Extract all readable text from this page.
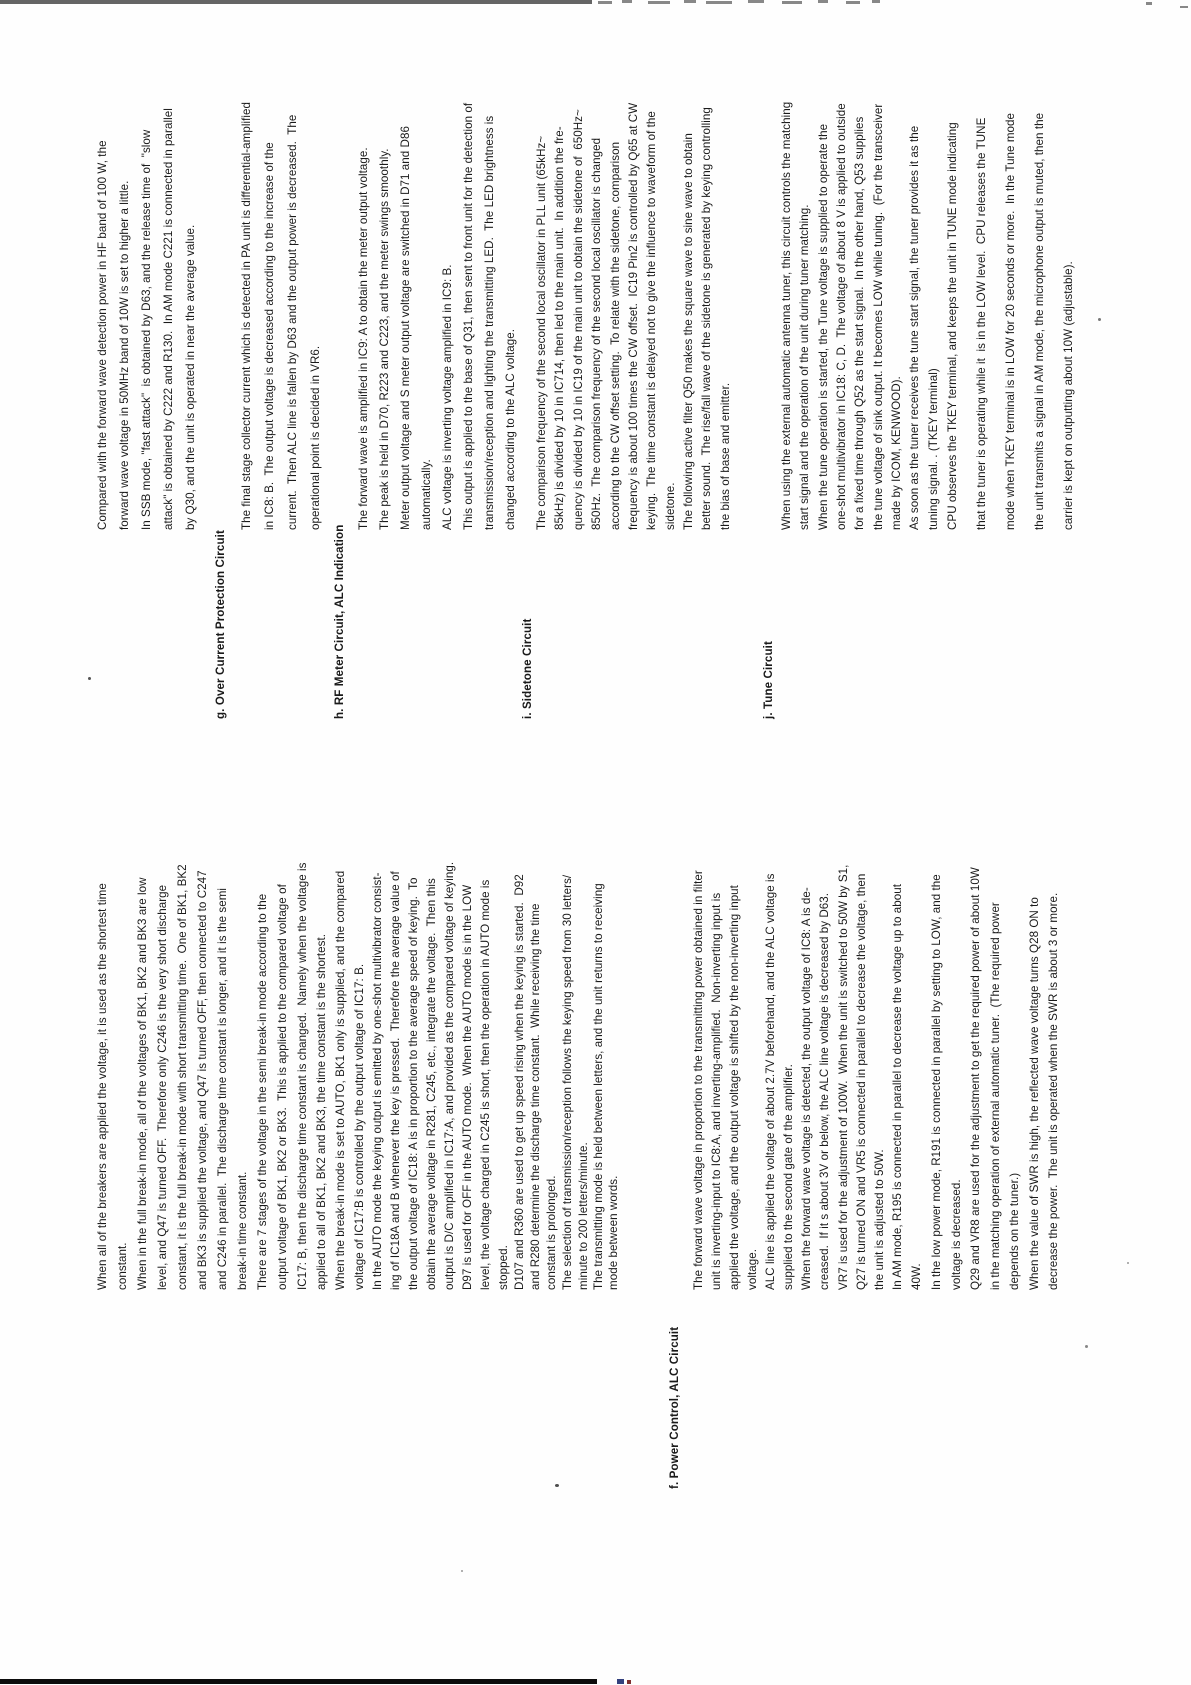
Compared with the forward wave detection power in HF band of 100 W, the forward wave voltage in 50MHz band of 10W is set to higher a little. In SSB mode, "fast attack"  is obtained by D63, and the release time of  "slow attack" is obtained by C222 and R130.  In AM mode C221 is connected in parallel by Q30, and the unit is operated in near the average value.
g. Over Current Protection Circuit
The final stage collector current which is detected in PA unit is differential-amplified in IC8: B.  The output voltage is decreased according to the increase of the current.  Then ALC line is fallen by D63 and the output power is decreased.  The operational point is decided in VR6.
h. RF Meter Circuit, ALC Indication
The forward wave is amplified in IC9: A to obtain the meter output voltage. The peak is held in D70, R223 and C223, and the meter swings smoothly. Meter output voltage and S meter output voltage are switched in D71 and D86 automatically. ALC voltage is inverting voltage amplified in IC9: B. This output is applied to the base of Q31, then sent to front unit for the detection of transmission/reception and lighting the transmitting LED.  The LED brightness is changed according to the ALC voltage.
i. Sidetone Circuit
The comparison frequency of the second local oscillator in PLL unit (65kHz~ 85kHz) is divided by 10 in IC714, then led to the main unit.  In addition the fre- quency is divided by 10 in IC19 of the main unit to obtain the sidetone of  650Hz~ 850Hz.  The comparison frequency of the second local oscillator is changed according to the CW offset setting.  To relate with the sidetone, comparison frequency is about 100 times the CW offset.  IC19 Pin2 is controlled by Q65 at CW keying.  The time constant is delayed not to give the influence to waveform of the sidetone. The following active filter Q50 makes the square wave to sine wave to obtain better sound.  The rise/fall wave of the sidetone is generated by keying controlling the bias of base and emitter.
j. Tune Circuit
When using the external automatic antenna tuner, this circuit controls the matching start signal and the operation of the unit during tuner matching. When the tune operation is started, the Tune voltage is supplied to operate the one-shot multivibrator in IC18: C, D.  The voltage of about 8 V is applied to outside for a fixed time through Q52 as the start signal.  In the other hand, Q53 supplies the tune voltage of sink output. It becomes LOW while tuning.  (For the transceiver made by ICOM, KENWOOD). As soon as the tuner receives the tune start signal, the tuner provides it as the tuning signal. . (TKEY terminal) CPU observes the TKEY terminal, and keeps the unit in TUNE mode indicating that the tuner is operating while it  is in the LOW level.  CPU releases the TUNE mode when TKEY terminal is in LOW for 20 seconds or more.  In the Tune mode the unit transmits a signal in AM mode, the microphone output is muted, then the carrier is kept on outputting about 10W (adjustable).
When all of the breakers are applied the voltage, it is used as the shortest time constant. When in the full break-in mode, all of the voltages of BK1, BK2 and BK3 are low level, and Q47 is turned OFF.  Therefore only C246 is the very short discharge constant, it is the full break-in mode with short transmitting time.  One of BK1, BK2 and BK3 is supplied the voltage, and Q47 is turned OFF, then connected to C247 and C246 in parallel.  The discharge time constant is longer, and it is the semi break-in time constant. There are 7 stages of the voltage in the semi break-in mode according to the output voltage of BK1, BK2 or BK3.  This is applied to the compared voltage of IC17: B, then the discharge time constant is changed.  Namely when the voltage is applied to all of BK1, BK2 and BK3, the time constant is the shortest. When the break-in mode is set to AUTO, BK1 only is supplied, and the compared voltage of IC17:B is controlled by the output voltage of IC17: B. In the AUTO mode the keying output is emitted by one-shot multivibrator consist- ing of IC18A and B whenever the key is pressed.  Therefore the average value of the output voltage of IC18: A is in proportion to the average speed of keying.  To obtain the average voltage in R281, C245, etc., integrate the voltage.  Then this output is D/C amplified in IC17:A, and provided as the compared voltage of keying. D97 is used for OFF in the AUTO mode.  When the AUTO mode is in the LOW level, the voltage charged in C245 is short, then the operation in AUTO mode is stopped. D107 and R360 are used to get up speed rising when the keying is started.  D92 and R280 determine the discharge time constant.  While receiving the time constant is prolonged. The selection of transmission/reception follows the keying speed from 30 letters/ minute to 200 letters/minute. The transmitting mode is held between letters, and the unit returns to receiving mode between words.
f. Power Control, ALC Circuit
The forward wave voltage in proportion to the transmitting power obtained in filter unit is inverting-input to IC8:A, and inverting-amplified.  Non-inverting input is applied the voltage, and the output voltage is shifted by the non-inverting input voltage. ALC line is applied the voltage of about 2.7V beforehand, and the ALC voltage is supplied to the second gate of the amplifier. When the forward wave voltage is detected, the output voltage of IC8: A is de- creased.  If it s about 3V or below, the ALC line voltage is decreased by D63. VR7 is used for the adjustment of 100W.  When the unit is switched to 50W by S1, Q27 is turned ON and VR5 is connected in parallel to decrease the voltage, then the unit is adjusted to 50W. In AM mode, R195 is connected in parallel to decrease the voltage up to about 40W. In the low power mode, R191 is connected in parallel by setting to LOW, and the voltage is decreased. Q29 and VR8 are used for the adjustment to get the required power of about 10W in the matching operation of external automatic tuner.  (The required power depends on the tuner.) When the value of SWR is high, the reflected wave voltage turns Q28 ON to decrease the power.  The unit is operated when the SWR is about 3 or more.
